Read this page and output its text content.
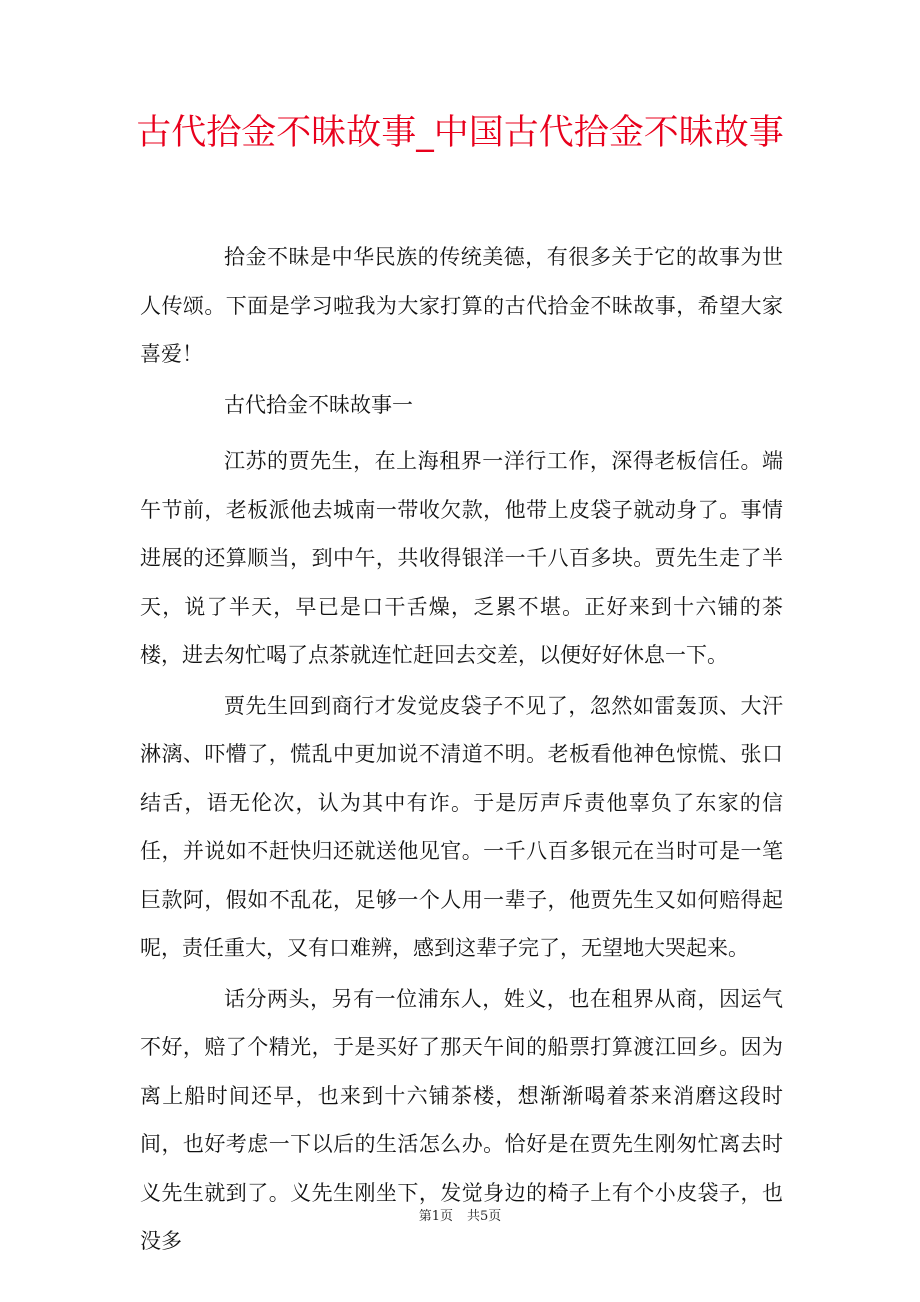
古代拾金不昧故事_中国古代拾金不昧故事

拾金不昧是中华民族的传统美德，有很多关于它的故事为世人传颂。下面是学习啦我为大家打算的古代拾金不昧故事，希望大家喜爱！

古代拾金不昧故事一

江苏的贾先生，在上海租界一洋行工作，深得老板信任。端午节前，老板派他去城南一带收欠款，他带上皮袋子就动身了。事情进展的还算顺当，到中午，共收得银洋一千八百多块。贾先生走了半天，说了半天，早已是口干舌燥，乏累不堪。正好来到十六铺的茶楼，进去匆忙喝了点茶就连忙赶回去交差，以便好好休息一下。

贾先生回到商行才发觉皮袋子不见了，忽然如雷轰顶、大汗淋漓、吓懵了，慌乱中更加说不清道不明。老板看他神色惊慌、张口结舌，语无伦次，认为其中有诈。于是厉声斥责他辜负了东家的信任，并说如不赶快归还就送他见官。一千八百多银元在当时可是一笔巨款阿，假如不乱花，足够一个人用一辈子，他贾先生又如何赔得起呢，责任重大，又有口难辨，感到这辈子完了，无望地大哭起来。

话分两头，另有一位浦东人，姓义，也在租界从商，因运气不好，赔了个精光，于是买好了那天午间的船票打算渡江回乡。因为离上船时间还早，也来到十六铺茶楼，想渐渐喝着茶来消磨这段时间，也好考虑一下以后的生活怎么办。恰好是在贾先生刚匆忙离去时义先生就到了。义先生刚坐下，发觉身边的椅子上有个小皮袋子，也没多

第1页 共5页
